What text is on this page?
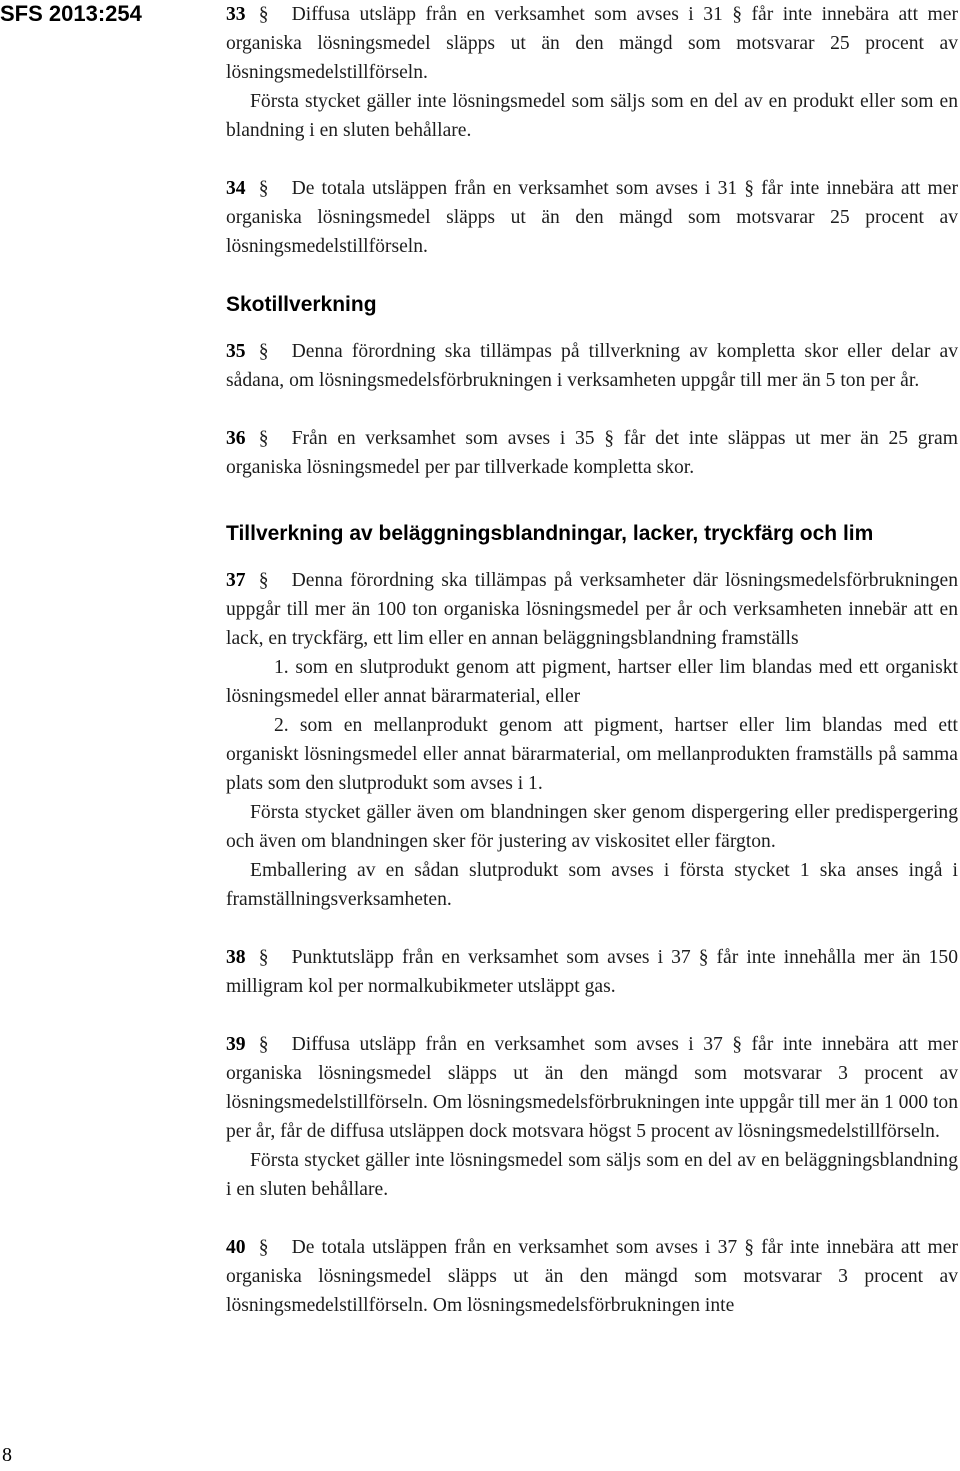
SFS 2013:254
8

33 § Diffusa utsläpp från en verksamhet som avses i 31 § får inte innebära att mer organiska lösningsmedel släpps ut än den mängd som motsvarar 25 procent av lösningsmedelstillförseln.

Första stycket gäller inte lösningsmedel som säljs som en del av en produkt eller som en blandning i en sluten behållare.

34 § De totala utsläppen från en verksamhet som avses i 31 § får inte innebära att mer organiska lösningsmedel släpps ut än den mängd som motsvarar 25 procent av lösningsmedelstillförseln.

Skotillverkning

35 § Denna förordning ska tillämpas på tillverkning av kompletta skor eller delar av sådana, om lösningsmedelsförbrukningen i verksamheten uppgår till mer än 5 ton per år.

36 § Från en verksamhet som avses i 35 § får det inte släppas ut mer än 25 gram organiska lösningsmedel per par tillverkade kompletta skor.

Tillverkning av beläggningsblandningar, lacker, tryckfärg och lim

37 § Denna förordning ska tillämpas på verksamheter där lösningsmedelsförbrukningen uppgår till mer än 100 ton organiska lösningsmedel per år och verksamheten innebär att en lack, en tryckfärg, ett lim eller en annan beläggningsblandning framställs

1. som en slutprodukt genom att pigment, hartser eller lim blandas med ett organiskt lösningsmedel eller annat bärarmaterial, eller

2. som en mellanprodukt genom att pigment, hartser eller lim blandas med ett organiskt lösningsmedel eller annat bärarmaterial, om mellanprodukten framställs på samma plats som den slutprodukt som avses i 1.

Första stycket gäller även om blandningen sker genom dispergering eller predispergering och även om blandningen sker för justering av viskositet eller färgton.

Emballering av en sådan slutprodukt som avses i första stycket 1 ska anses ingå i framställningsverksamheten.

38 § Punktutsläpp från en verksamhet som avses i 37 § får inte innehålla mer än 150 milligram kol per normalkubikmeter utsläppt gas.

39 § Diffusa utsläpp från en verksamhet som avses i 37 § får inte innebära att mer organiska lösningsmedel släpps ut än den mängd som motsvarar 3 procent av lösningsmedelstillförseln. Om lösningsmedelsförbrukningen inte uppgår till mer än 1 000 ton per år, får de diffusa utsläppen dock motsvara högst 5 procent av lösningsmedelstillförseln.

Första stycket gäller inte lösningsmedel som säljs som en del av en beläggningsblandning i en sluten behållare.

40 § De totala utsläppen från en verksamhet som avses i 37 § får inte innebära att mer organiska lösningsmedel släpps ut än den mängd som motsvarar 3 procent av lösningsmedelstillförseln. Om lösningsmedelsförbrukningen inte
